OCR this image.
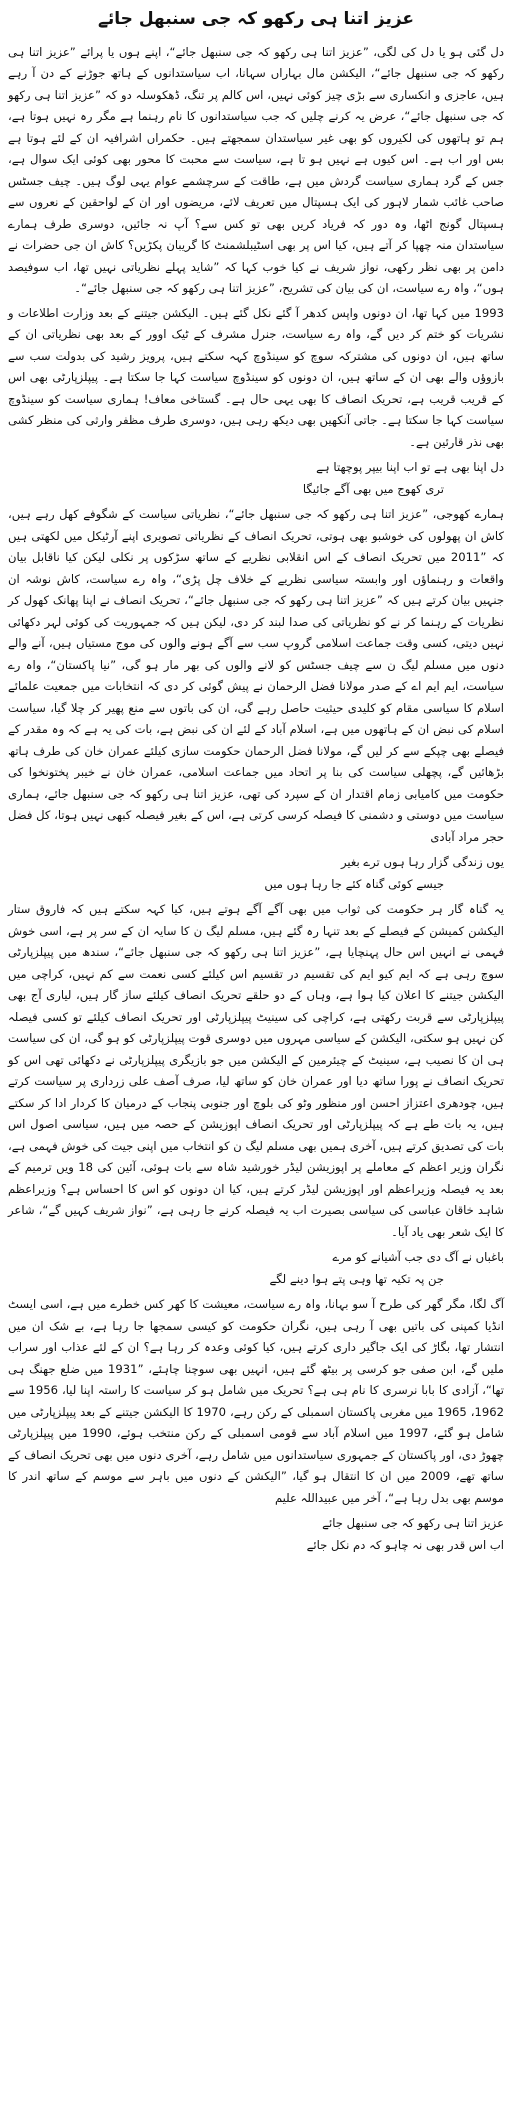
عزیز اتنا ہی رکھو کہ جی سنبھل جائے

دل گئی ہو یا دل کی لگی، ”عزیز اتنا ہی رکھو کہ جی سنبھل جائے“، اپنے ہوں یا پرائے ”عزیز اتنا ہی رکھو کہ جی سنبھل جائے“، الیکشن مال بہاراں سہانا، اب سیاستدانوں کے ہاتھ جوڑنے کے دن آ رہے ہیں، عاجزی و انکساری سے بڑی چیز کوئی نہیں، اس کالم پر تنگ، ڈھکوسلہ دو کہ ”عزیز اتنا ہی رکھو کہ جی سنبھل جائے“، عرض یہ کرنے چلیں کہ جب سیاستدانوں کا نام رہنما ہے مگر رہ نہیں ہوتا ہے، ہم تو ہاتھوں کی لکیروں کو بھی غیر سیاستدان سمجھتے ہیں۔ حکمراں اشرافیہ ان کے لئے ہوتا ہے بس اور اب ہے۔ اس کیوں ہے نہیں ہو تا ہے، سیاست سے محبت کا محور بھی کوئی ایک سوال ہے، جس کے گرد ہماری سیاست گردش میں ہے، طاقت کے سرچشمے عوام یہی لوگ ہیں۔ چیف جسٹس صاحب غائب شمار لاہور کی ایک ہسپتال میں تعریف لائے، مریضوں اور ان کے لواحقین کے نعروں سے ہسپتال گونج اٹھا، وہ دور کہ فریاد کریں بھی تو کس سے؟ آپ نہ جائیں، دوسری طرف ہمارے سیاستدان منہ چھپا کر آتے ہیں، کیا اس پر بھی اسٹیبلشمنٹ کا گریبان پکڑیں؟ کاش ان جی حضرات نے دامن پر بھی نظر رکھی، نواز شریف نے کیا خوب کہا کہ ”شاید پہلے نظریاتی نہیں تھا، اب سوفیصد ہوں“، واہ رے سیاست، ان کی بیان کی تشریح، ”عزیز اتنا ہی رکھو کہ جی سنبھل جائے“۔

1993 میں کہا تھا، ان دونوں واپس کدھر آ گئے نکل گئے ہیں۔ الیکشن جیتنے کے بعد وزارت اطلاعات و نشریات کو ختم کر دیں گے، واہ رے سیاست، جنرل مشرف کے ٹیک اوور کے بعد بھی نظریاتی ان کے ساتھ ہیں، ان دونوں کی مشترکہ سوچ کو سینڈوچ کہہ سکتے ہیں، پرویز رشید کی بدولت سب سے بازوؤں والے بھی ان کے ساتھ ہیں، ان دونوں کو سینڈوچ سیاست کہا جا سکتا ہے۔ پیپلزپارٹی بھی اس کے قریب قریب ہے، تحریک انصاف کا بھی یہی حال ہے۔ گستاخی معاف! ہماری سیاست کو سینڈوچ سیاست کہا جا سکتا ہے۔ جاتی آنکھیں بھی دیکھ رہی ہیں، دوسری طرف مظفر وارثی کی منظر کشی بھی نذر قارئین ہے۔

دل اپنا بھی ہے تو اب اپنا بیپر پوچھتا ہے
تری کھوج میں بھی آگے جائیگا

ہمارے کھوجی، ”عزیز اتنا ہی رکھو کہ جی سنبھل جائے“، نظریاتی سیاست کے شگوفے کھل رہے ہیں، کاش ان پھولوں کی خوشبو بھی ہوتی، تحریک انصاف کے نظریاتی تصویری اپنے آرٹیکل میں لکھتی ہیں کہ ”2011 میں تحریک انصاف کے اس انقلابی نظریے کے ساتھ سڑکوں پر نکلی لیکن کیا ناقابل بیان واقعات و رہنماؤں اور وابستہ سیاسی نظریے کے خلاف چل پڑی“، واہ رے سیاست، کاش نوشہ ان جنہیں بیان کرتے ہیں کہ ”عزیز اتنا ہی رکھو کہ جی سنبھل جائے“، تحریک انصاف نے اپنا پھانک کھول کر نظریات کے رہنما کر نے کو نظریاتی کی صدا لبند کر دی، لیکن ہیں کہ جمہوریت کی کوئی لہر دکھائی نہیں دیتی، کسی وقت جماعت اسلامی گروپ سب سے آگے ہونے والوں کی موج مستیاں ہیں، آنے والے دنوں میں مسلم لیگ ن سے چیف جسٹس کو لانے والوں کی بھر مار ہو گی، ”نیا پاکستان“، واہ رے سیاست، ایم ایم اے کے صدر مولانا فضل الرحمان نے پیش گوئی کر دی کہ انتخابات میں جمعیت علمائے اسلام کا سیاسی مقام کو کلیدی حیثیت حاصل رہے گی، ان کی باتوں سے منع پھیر کر چلا گیا، سیاست اسلام کی نبض ان کے ہاتھوں میں ہے، اسلام آباد کے لئے ان کی نبض ہے، بات کی یہ ہے کہ وہ مقدر کے فیصلے بھی چپکے سے کر لیں گے، مولانا فضل الرحمان حکومت سازی کیلئے عمران خان کی طرف ہاتھ بڑھائیں گے، پچھلی سیاست کی بنا پر اتحاد میں جماعت اسلامی، عمران خان نے خیبر پختونخوا کی حکومت میں کامیابی زمام اقتدار ان کے سپرد کی تھی، عزیز اتنا ہی رکھو کہ جی سنبھل جائے، ہماری سیاست میں دوستی و دشمنی کا فیصلہ کرسی کرتی ہے، اس کے بغیر فیصلہ کبھی نہیں ہوتا، کل فضل حجر مراد آبادی

یوں زندگی گزار رہا ہوں ترے بغیر
جیسے کوئی گناہ کئے جا رہا ہوں میں

یہ گناہ گار ہر حکومت کی ثواب میں بھی آگے آگے ہوتے ہیں، کیا کہہ سکتے ہیں کہ فاروق ستار الیکشن کمیشن کے فیصلے کے بعد تنہا رہ گئے ہیں، مسلم لیگ ن کا سایہ ان کے سر پر ہے، اسی خوش فہمی نے انہیں اس حال پہنچایا ہے، ”عزیز اتنا ہی رکھو کہ جی سنبھل جائے“، سندھ میں پیپلزپارٹی سوچ رہی ہے کہ ایم کیو ایم کی تقسیم در تقسیم اس کیلئے کسی نعمت سے کم نہیں، کراچی میں الیکشن جیتنے کا اعلان کیا ہوا ہے، وہاں کے دو حلقے تحریک انصاف کیلئے ساز گار ہیں، لیاری آج بھی پیپلزپارٹی سے قربت رکھتی ہے، کراچی کی سینیٹ پیپلزپارٹی اور تحریک انصاف کیلئے تو کسی فیصلہ کن نہیں ہو سکتی، الیکشن کے سیاسی مہروں میں دوسری قوت پیپلزپارٹی کو ہو گی، ان کی سیاست ہی ان کا نصیب ہے، سینیٹ کے چیئرمین کے الیکشن میں جو بازیگری پیپلزپارٹی نے دکھائی تھی اس کو تحریک انصاف نے پورا ساتھ دیا اور عمران خان کو ساتھ لیا، صرف آصف علی زرداری پر سیاست کرتے ہیں، چودھری اعتزاز احسن اور منظور وٹو کی بلوچ اور جنوبی پنجاب کے درمیان کا کردار ادا کر سکتے ہیں، یہ بات طے ہے کہ پیپلزپارٹی اور تحریک انصاف اپوزیشن کے حصہ میں ہیں، سیاسی اصول اس بات کی تصدیق کرتے ہیں، آخری ہمیں بھی مسلم لیگ ن کو انتخاب میں اپنی جیت کی خوش فہمی ہے، نگران وزیر اعظم کے معاملے پر اپوزیشن لیڈر خورشید شاہ سے بات ہوئی، آئین کی 18 ویں ترمیم کے بعد یہ فیصلہ وزیراعظم اور اپوزیشن لیڈر کرتے ہیں، کیا ان دونوں کو اس کا احساس ہے؟ وزیراعظم شاہد خاقان عباسی کی سیاسی بصیرت اب یہ فیصلہ کرنے جا رہی ہے، ”نواز شریف کہیں گے“، شاعر کا ایک شعر بھی یاد آیا۔

باغباں نے آگ دی جب آشیانے کو مرے
جن پہ تکیہ تھا وہی پتے ہوا دینے لگے

آگ لگا، مگر گھر کی طرح آ سو بہانا، واہ رے سیاست، معیشت کا کھر کس خطرے میں ہے، اسی ایسٹ انڈیا کمپنی کی باتیں بھی آ رہی ہیں، نگران حکومت کو کیسی سمجھا جا رہا ہے، بے شک ان میں انتشار تھا، بگاڑ کی ایک جاگیر داری کرتے ہیں، کیا کوئی وعدہ کر رہا ہے؟ ان کے لئے عذاب اور سراب ملیں گے، ابن صفی جو کرسی پر بیٹھ گئے ہیں، انہیں بھی سوچنا چاہئے، ”1931 میں ضلع جھنگ ہی تھا“، آزادی کا بابا نرسری کا نام ہی ہے؟ تحریک میں شامل ہو کر سیاست کا راستہ اپنا لیا، 1956 سے 1962، 1965 میں مغربی پاکستان اسمبلی کے رکن رہے، 1970 کا الیکشن جیتنے کے بعد پیپلزپارٹی میں شامل ہو گئے، 1997 میں اسلام آباد سے قومی اسمبلی کے رکن منتخب ہوئے، 1990 میں پیپلزپارٹی چھوڑ دی، اور پاکستان کے جمہوری سیاستدانوں میں شامل رہے، آخری دنوں میں بھی تحریک انصاف کے ساتھ تھے، 2009 میں ان کا انتقال ہو گیا، ”الیکشن کے دنوں میں باہر سے موسم کے ساتھ اندر کا موسم بھی بدل رہا ہے“، آخر میں عبیداللہ علیم

عزیز اتنا ہی رکھو کہ جی سنبھل جائے
اب اس قدر بھی نہ چاہو کہ دم نکل جائے
